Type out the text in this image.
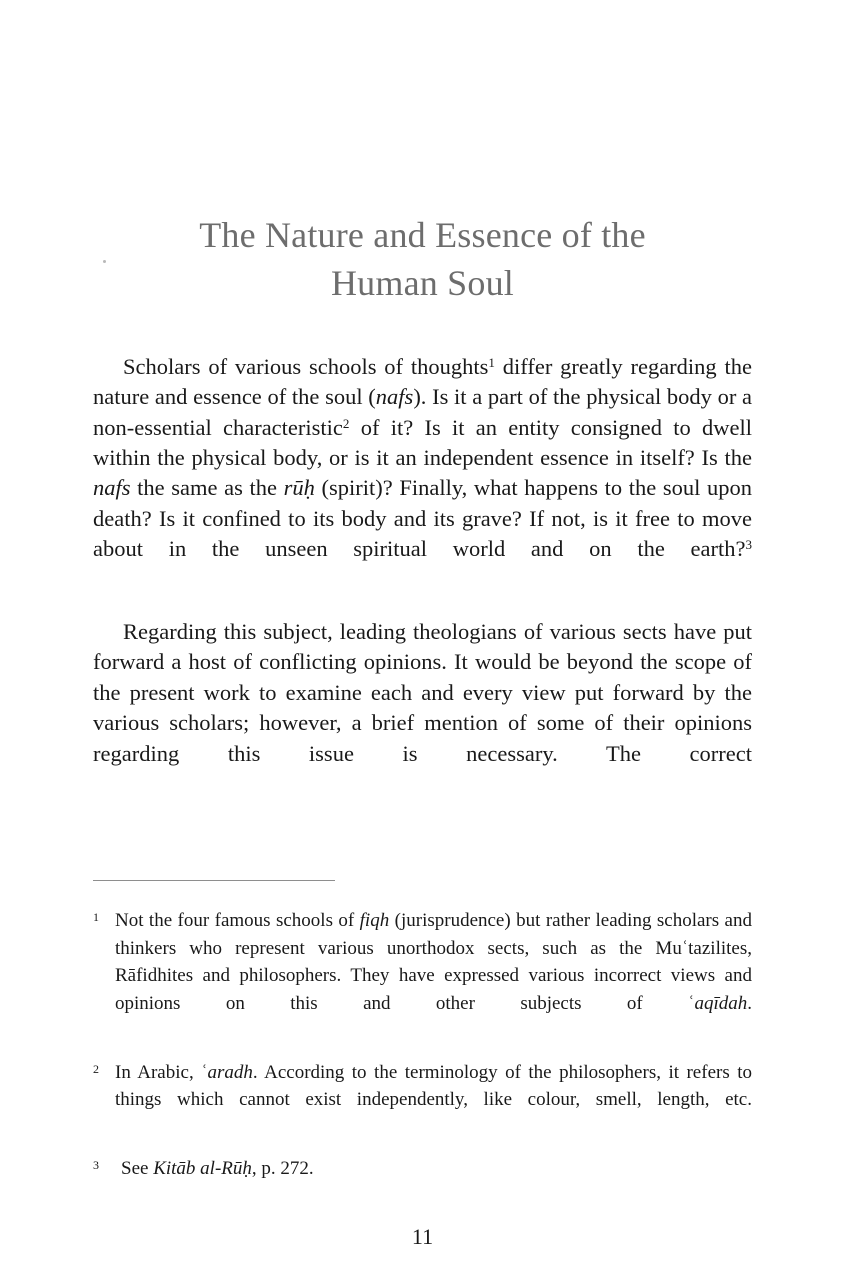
The Nature and Essence of the
Human Soul

Scholars of various schools of thoughts$^1$ differ greatly regarding the nature and essence of the soul (nafs). Is it a part of the physical body or a non-essential characteristic$^2$ of it? Is it an entity consigned to dwell within the physical body, or is it an independent essence in itself? Is the nafs the same as the rūḥ (spirit)? Finally, what happens to the soul upon death? Is it confined to its body and its grave? If not, is it free to move about in the unseen spiritual world and on the earth?$^3$

Regarding this subject, leading theologians of various sects have put forward a host of conflicting opinions. It would be beyond the scope of the present work to examine each and every view put forward by the various scholars; however, a brief mention of some of their opinions regarding this issue is necessary. The correct

1 Not the four famous schools of fiqh (jurisprudence) but rather leading scholars and thinkers who represent various unorthodox sects, such as the Muʿtazilites, Rāfidhites and philosophers. They have expressed various incorrect views and opinions on this and other subjects of ʿaqīdah.
2 In Arabic, ʿaradh. According to the terminology of the philosophers, it refers to things which cannot exist independently, like colour, smell, length, etc.
3 See Kitāb al-Rūḥ, p. 272.
11
